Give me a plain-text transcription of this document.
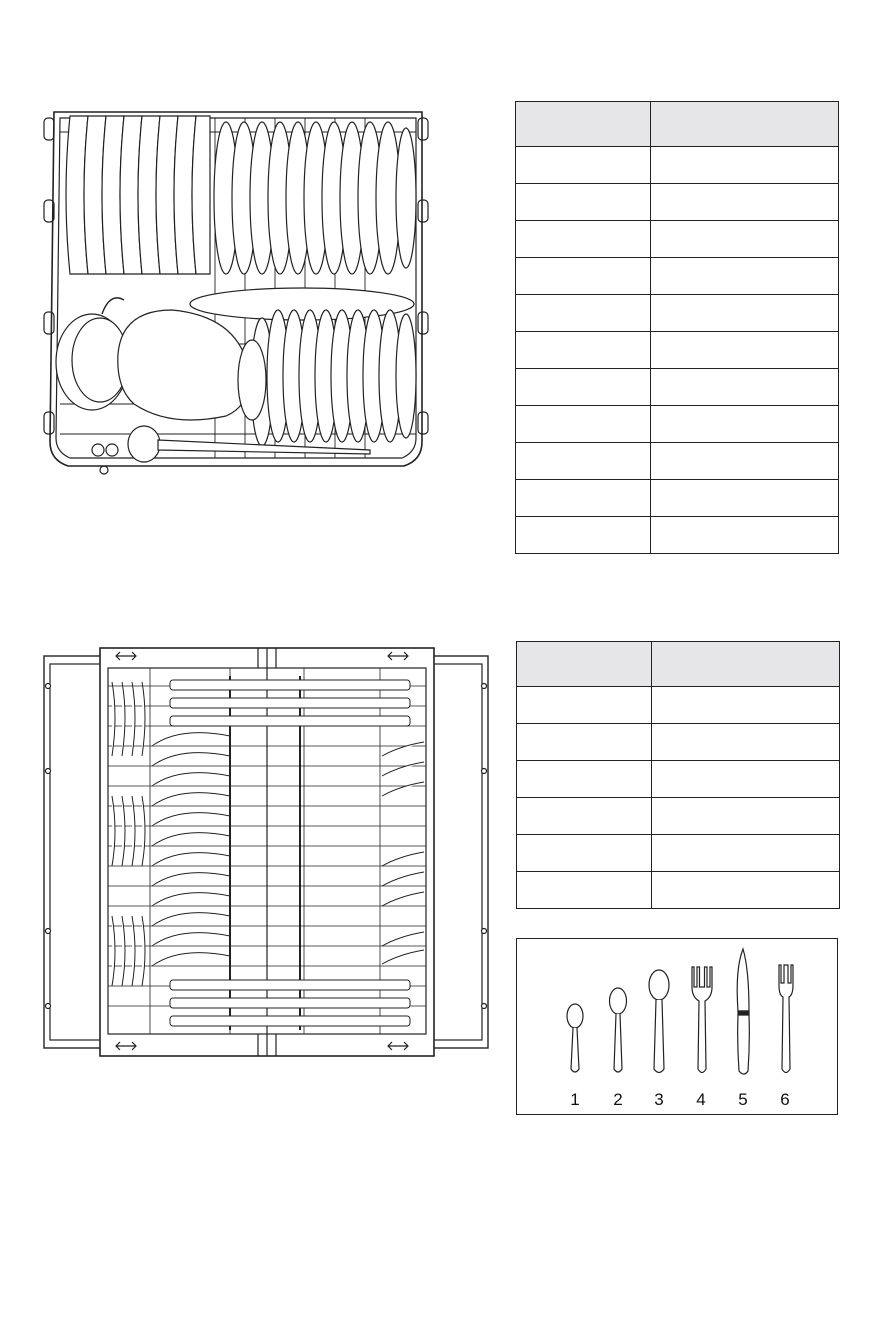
1	2	3	4	5	6
